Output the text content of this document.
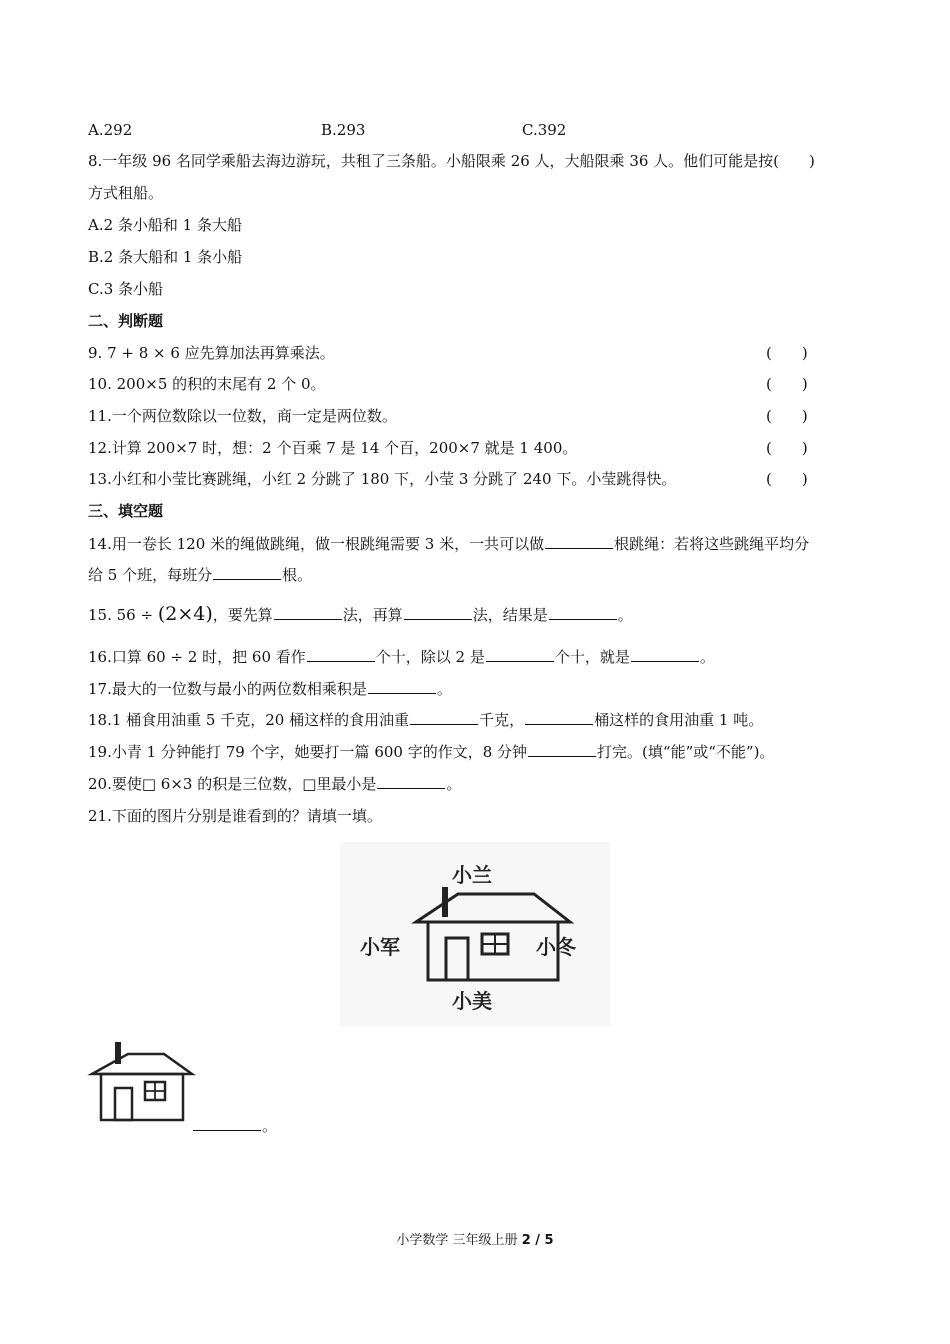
A.292	B.293	C.392
8.一年级 96 名同学乘船去海边游玩，共租了三条船。小船限乘 26 人，大船限乘 36 人。他们可能是按(　　)
方式租船。
A.2 条小船和 1 条大船
B.2 条大船和 1 条小船
C.3 条小船
二、判断题
9. 7 + 8 × 6 应先算加法再算乘法。	(　　)
10. 200×5 的积的末尾有 2 个 0。	(　　)
11.一个两位数除以一位数，商一定是两位数。	(　　)
12.计算 200×7 时，想：2 个百乘 7 是 14 个百，200×7 就是 1 400。	(　　)
13.小红和小莹比赛跳绳，小红 2 分跳了 180 下，小莹 3 分跳了 240 下。小莹跳得快。	(　　)
三、填空题
14.用一卷长 120 米的绳做跳绳，做一根跳绳需要 3 米，一共可以做	根跳绳：若将这些跳绳平均分
给 5 个班，每班分	根。
15. 56 ÷ (2×4)，要先算	法，再算	法，结果是	。
16.口算 60 ÷ 2 时，把 60 看作	个十，除以 2 是	个十，就是	。
17.最大的一位数与最小的两位数相乘积是	。
18.1 桶食用油重 5 千克，20 桶这样的食用油重	千克，	桶这样的食用油重 1 吨。
19.小青 1 分钟能打 79 个字，她要打一篇 600 字的作文，8 分钟	打完。(填“能”或“不能”)。
20.要使□ 6×3 的积是三位数，□里最小是	。
21.下面的图片分别是谁看到的？请填一填。
小兰
小军	小冬
小美
。
小学数学 三年级上册 2 / 5
